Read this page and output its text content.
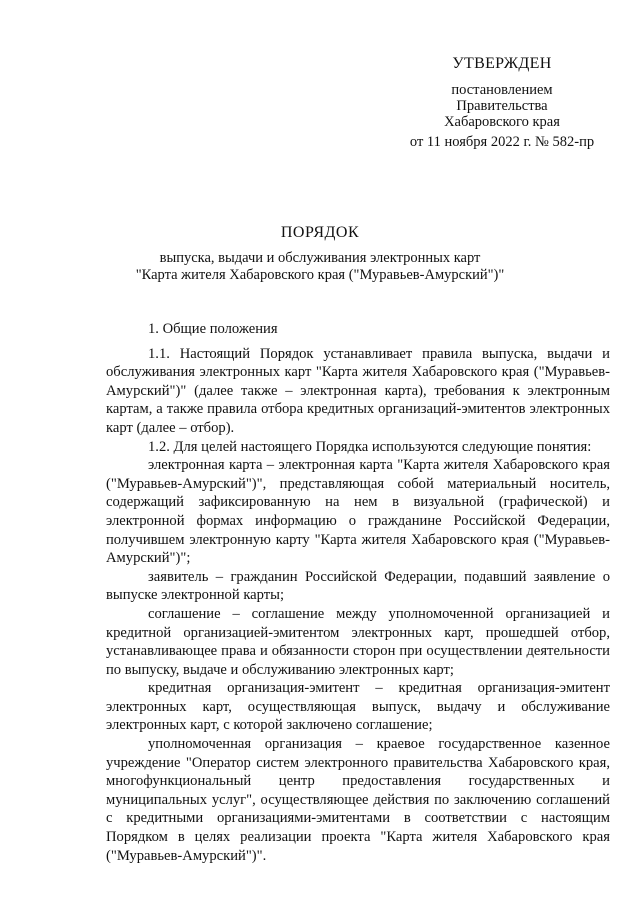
УТВЕРЖДЕН
постановлением
Правительства
Хабаровского края
от 11 ноября 2022 г. № 582-пр
ПОРЯДОК
выпуска, выдачи и обслуживания электронных карт
"Карта жителя Хабаровского края ("Муравьев-Амурский")"
1. Общие положения

1.1. Настоящий Порядок устанавливает правила выпуска, выдачи и обслуживания электронных карт "Карта жителя Хабаровского края ("Муравьев-Амурский")" (далее также – электронная карта), требования к электронным картам, а также правила отбора кредитных организаций-эмитентов электронных карт (далее – отбор).

1.2. Для целей настоящего Порядка используются следующие понятия:

электронная карта – электронная карта "Карта жителя Хабаровского края ("Муравьев-Амурский")", представляющая собой материальный носитель, содержащий зафиксированную на нем в визуальной (графической) и электронной формах информацию о гражданине Российской Федерации, получившем электронную карту "Карта жителя Хабаровского края ("Муравьев-Амурский")";

заявитель – гражданин Российской Федерации, подавший заявление о выпуске электронной карты;

соглашение – соглашение между уполномоченной организацией и кредитной организацией-эмитентом электронных карт, прошедшей отбор, устанавливающее права и обязанности сторон при осуществлении деятельности по выпуску, выдаче и обслуживанию электронных карт;

кредитная организация-эмитент – кредитная организация-эмитент электронных карт, осуществляющая выпуск, выдачу и обслуживание электронных карт, с которой заключено соглашение;

уполномоченная организация – краевое государственное казенное учреждение "Оператор систем электронного правительства Хабаровского края, многофункциональный центр предоставления государственных и муниципальных услуг", осуществляющее действия по заключению соглашений с кредитными организациями-эмитентами в соответствии с настоящим Порядком в целях реализации проекта "Карта жителя Хабаровского края ("Муравьев-Амурский")".
